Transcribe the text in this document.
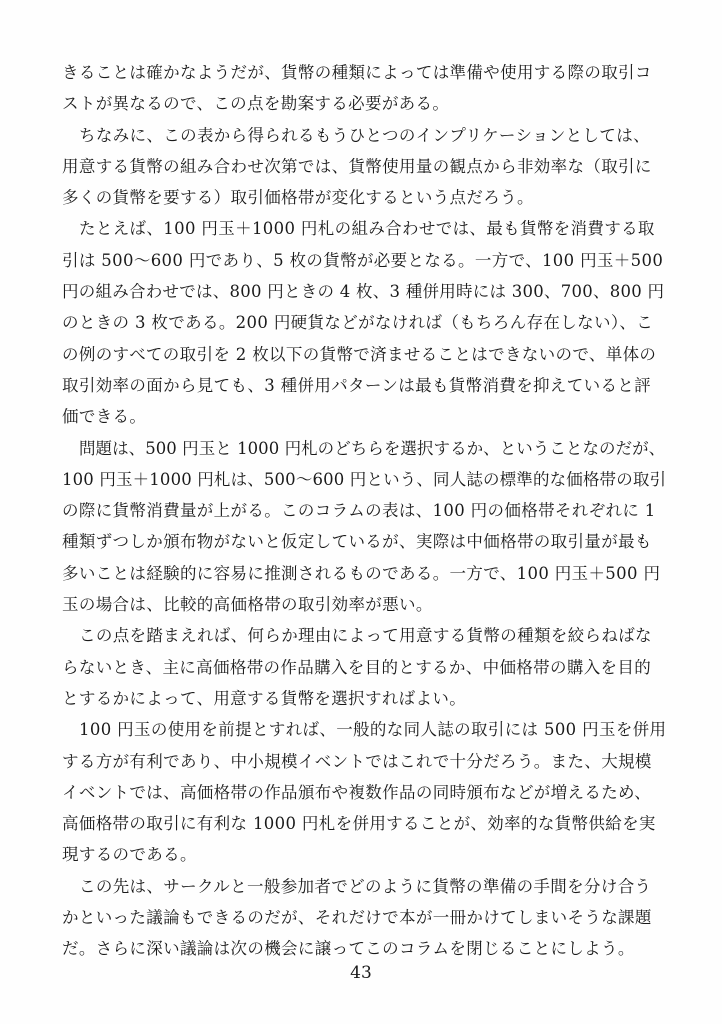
きることは確かなようだが、貨幣の種類によっては準備や使用する際の取引コ
ストが異なるので、この点を勘案する必要がある。
ちなみに、この表から得られるもうひとつのインプリケーションとしては、
用意する貨幣の組み合わせ次第では、貨幣使用量の観点から非効率な（取引に
多くの貨幣を要する）取引価格帯が変化するという点だろう。
たとえば、100 円玉＋1000 円札の組み合わせでは、最も貨幣を消費する取
引は 500〜600 円であり、5 枚の貨幣が必要となる。一方で、100 円玉＋500
円の組み合わせでは、800 円ときの 4 枚、3 種併用時には 300、700、800 円
のときの 3 枚である。200 円硬貨などがなければ（もちろん存在しない）、こ
の例のすべての取引を 2 枚以下の貨幣で済ませることはできないので、単体の
取引効率の面から見ても、3 種併用パターンは最も貨幣消費を抑えていると評
価できる。
問題は、500 円玉と 1000 円札のどちらを選択するか、ということなのだが、
100 円玉＋1000 円札は、500〜600 円という、同人誌の標準的な価格帯の取引
の際に貨幣消費量が上がる。このコラムの表は、100 円の価格帯それぞれに 1
種類ずつしか頒布物がないと仮定しているが、実際は中価格帯の取引量が最も
多いことは経験的に容易に推測されるものである。一方で、100 円玉＋500 円
玉の場合は、比較的高価格帯の取引効率が悪い。
この点を踏まえれば、何らか理由によって用意する貨幣の種類を絞らねばな
らないとき、主に高価格帯の作品購入を目的とするか、中価格帯の購入を目的
とするかによって、用意する貨幣を選択すればよい。
100 円玉の使用を前提とすれば、一般的な同人誌の取引には 500 円玉を併用
する方が有利であり、中小規模イベントではこれで十分だろう。また、大規模
イベントでは、高価格帯の作品頒布や複数作品の同時頒布などが増えるため、
高価格帯の取引に有利な 1000 円札を併用することが、効率的な貨幣供給を実
現するのである。
この先は、サークルと一般参加者でどのように貨幣の準備の手間を分け合う
かといった議論もできるのだが、それだけで本が一冊かけてしまいそうな課題
だ。さらに深い議論は次の機会に譲ってこのコラムを閉じることにしよう。
43
